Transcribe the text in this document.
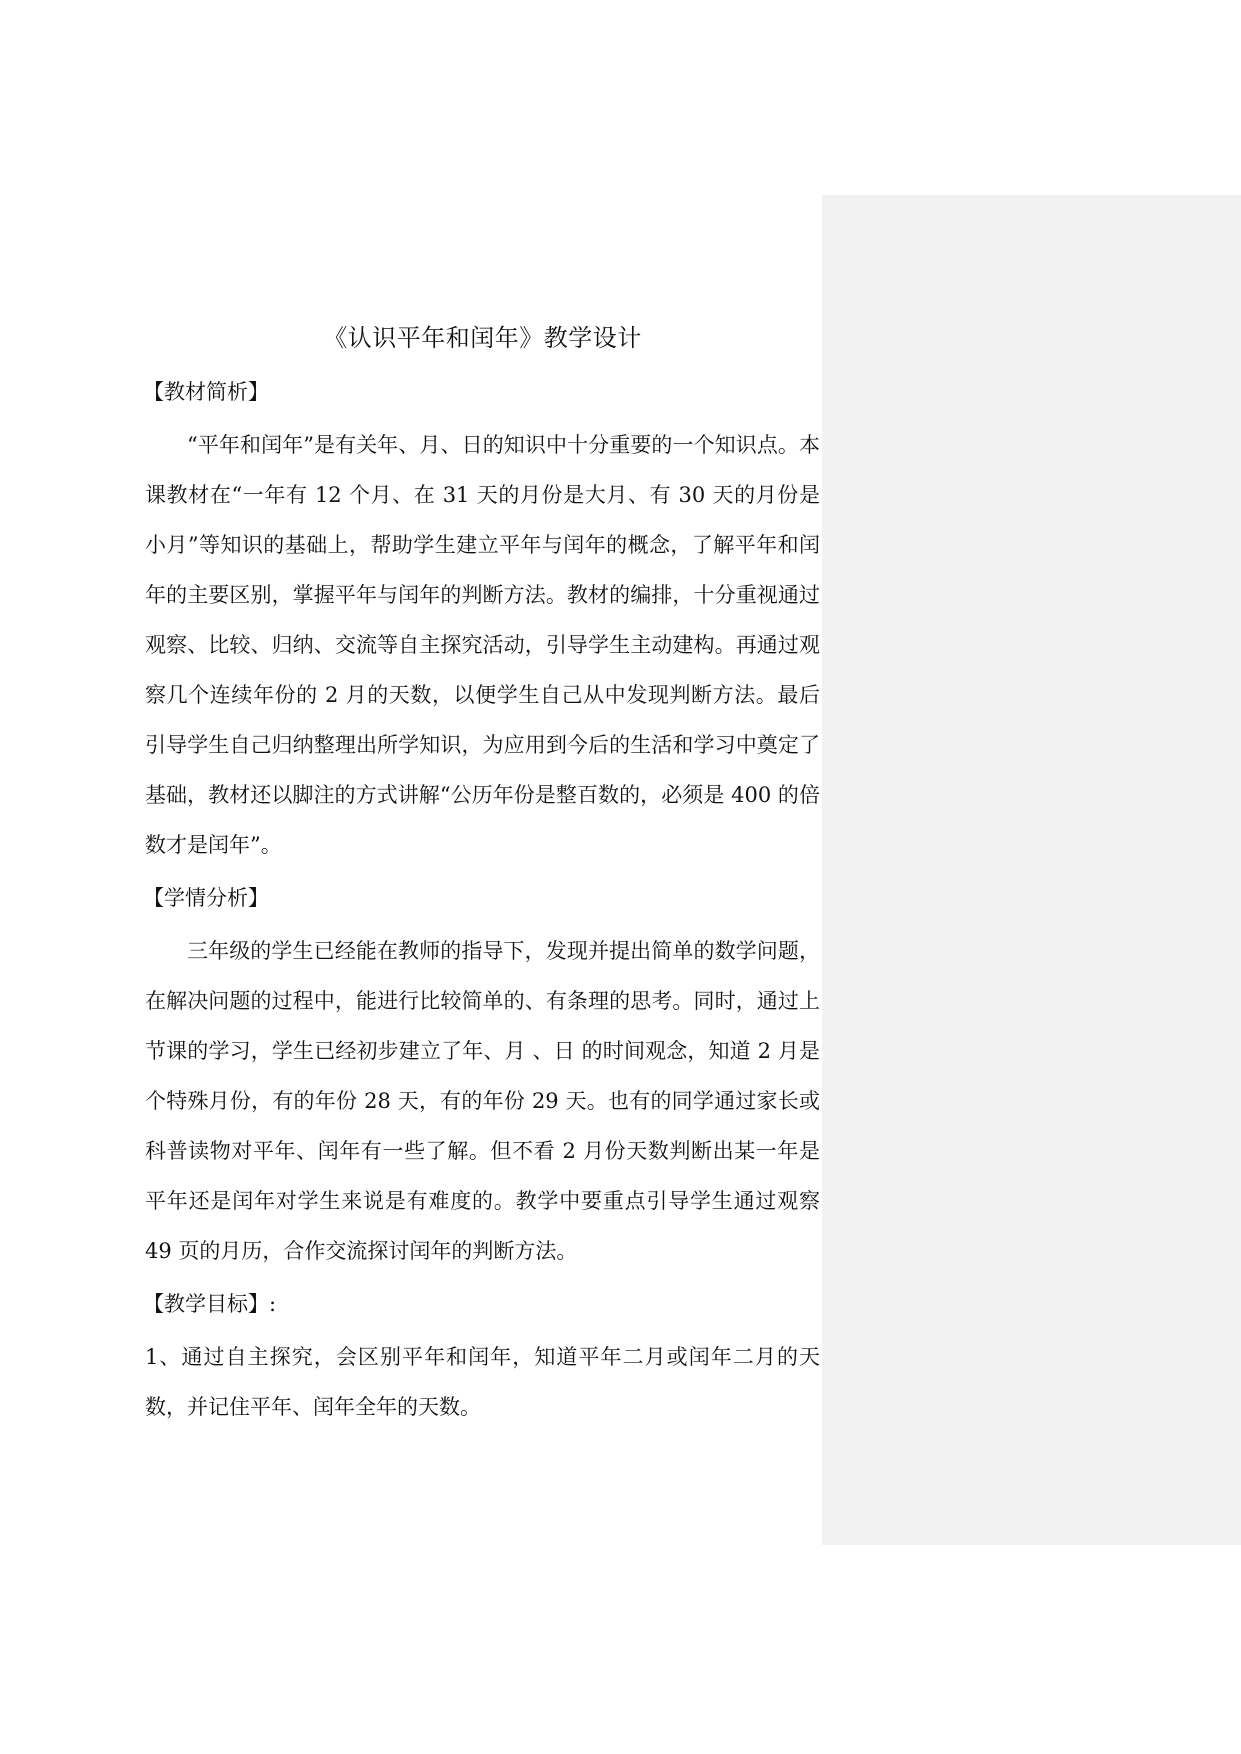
《认识平年和闰年》教学设计
【教材简析】

“平年和闰年”是有关年、月、日的知识中十分重要的一个知识点。本课教材在“一年有 12 个月、在 31 天的月份是大月、有 30 天的月份是小月”等知识的基础上，帮助学生建立平年与闰年的概念，了解平年和闰年的主要区别，掌握平年与闰年的判断方法。教材的编排，十分重视通过观察、比较、归纳、交流等自主探究活动，引导学生主动建构。再通过观察几个连续年份的 2 月的天数，以便学生自己从中发现判断方法。最后引导学生自己归纳整理出所学知识，为应用到今后的生活和学习中奠定了基础，教材还以脚注的方式讲解“公历年份是整百数的，必须是 400 的倍数才是闰年”。

【学情分析】

三年级的学生已经能在教师的指导下，发现并提出简单的数学问题，在解决问题的过程中，能进行比较简单的、有条理的思考。同时，通过上节课的学习，学生已经初步建立了年、月 、日 的时间观念，知道 2 月是个特殊月份，有的年份 28 天，有的年份 29 天。也有的同学通过家长或科普读物对平年、闰年有一些了解。但不看 2 月份天数判断出某一年是平年还是闰年对学生来说是有难度的。教学中要重点引导学生通过观察 49 页的月历，合作交流探讨闰年的判断方法。

【教学目标】:

1、通过自主探究，会区别平年和闰年，知道平年二月或闰年二月的天数，并记住平年、闰年全年的天数。
